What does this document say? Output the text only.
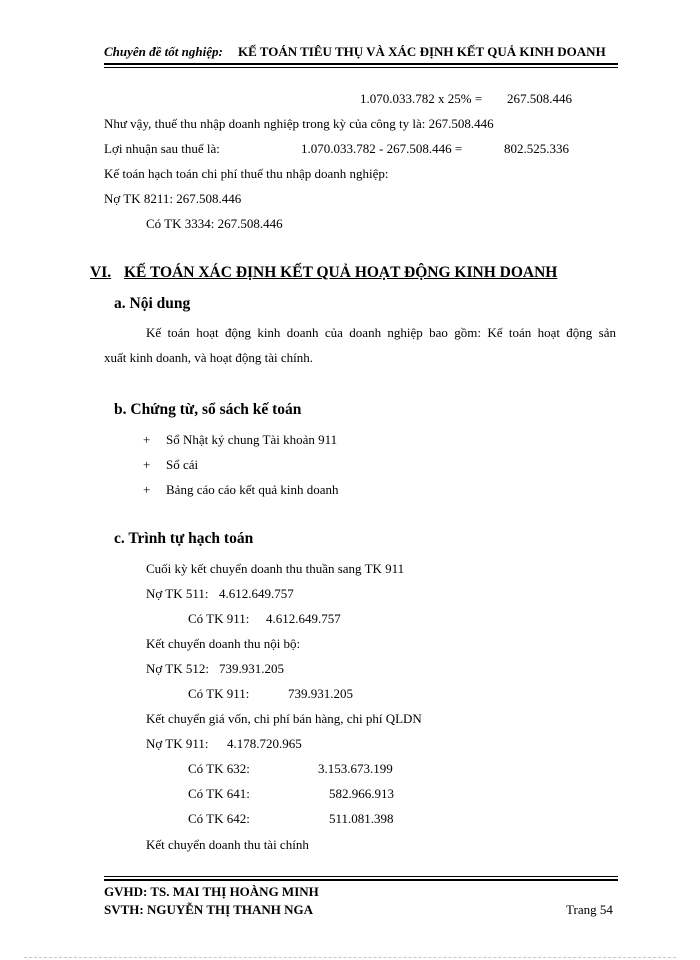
Chuyên đề tốt nghiệp: KẾ TOÁN TIÊU THỤ VÀ XÁC ĐỊNH KẾT QUẢ KINH DOANH
1.070.033.782 x 25% = 267.508.446
Như vậy, thuế thu nhập doanh nghiệp trong kỳ của công ty là: 267.508.446
Lợi nhuận sau thuế là:	1.070.033.782 - 267.508.446 =	802.525.336
Kế toán hạch toán chi phí thuế thu nhập doanh nghiệp:
Nợ TK 8211: 267.508.446
Có TK 3334: 267.508.446
VI. KẾ TOÁN XÁC ĐỊNH KẾT QUẢ HOẠT ĐỘNG KINH DOANH
a. Nội dung
Kế toán hoạt động kinh doanh của doanh nghiệp bao gồm: Kế toán hoạt động sản
xuất kinh doanh, và hoạt động tài chính.
b. Chứng từ, sổ sách kế toán
+ Sổ Nhật ký chung Tài khoản 911
+ Sổ cái
+ Bảng cáo cáo kết quả kinh doanh
c. Trình tự hạch toán
Cuối kỳ kết chuyển doanh thu thuần sang TK 911
Nợ TK 511: 4.612.649.757
Có TK 911: 4.612.649.757
Kết chuyển doanh thu nội bộ:
Nợ TK 512: 739.931.205
Có TK 911:	739.931.205
Kết chuyển giá vốn, chi phí bán hàng, chi phí QLDN
Nợ TK 911: 4.178.720.965
Có TK 632:	3.153.673.199
Có TK 641:	582.966.913
Có TK 642:	511.081.398
Kết chuyển doanh thu tài chính
GVHD: TS. MAI THỊ HOÀNG MINH
SVTH: NGUYỄN THỊ THANH NGA	Trang 54
